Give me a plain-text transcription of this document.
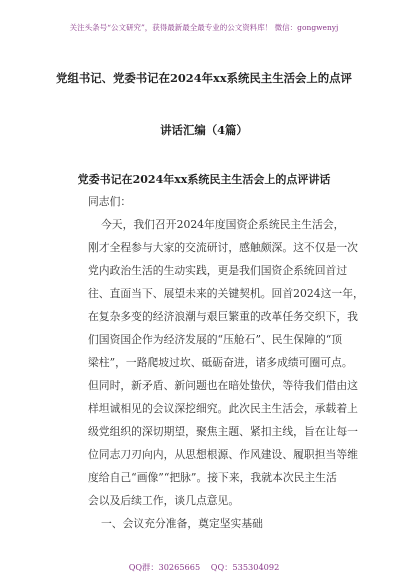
关注头条号“公文研究”，获得最新最全最专业的公文资料库！ 微信：gongwenyj
党组书记、党委书记在2024年xx系统民主生活会上的点评
讲话汇编（4篇）
党委书记在2024年xx系统民主生活会上的点评讲话
同志们：
今天，我们召开2024年度国资企系统民主生活会，
刚才全程参与大家的交流研讨，感触颇深。这不仅是一次
党内政治生活的生动实践，更是我们国资企系统回首过
往、直面当下、展望未来的关键契机。回首2024这一年，
在复杂多变的经济浪潮与艰巨繁重的改革任务交织下，我
们国资国企作为经济发展的“压舱石”、民生保障的“顶
梁柱”，一路爬坡过坎、砥砺奋进，诸多成绩可圈可点。
但同时，新矛盾、新问题也在暗处蛰伏，等待我们借由这
样坦诚相见的会议深挖细究。此次民主生活会，承载着上
级党组织的深切期望，聚焦主题、紧扣主线，旨在让每一
位同志刀刃向内，从思想根源、作风建设、履职担当等维
度给自己“画像”“把脉”。接下来，我就本次民主生活
会以及后续工作，谈几点意见。
一、会议充分准备，奠定坚实基础
QQ群：30265665 QQ：535304092
